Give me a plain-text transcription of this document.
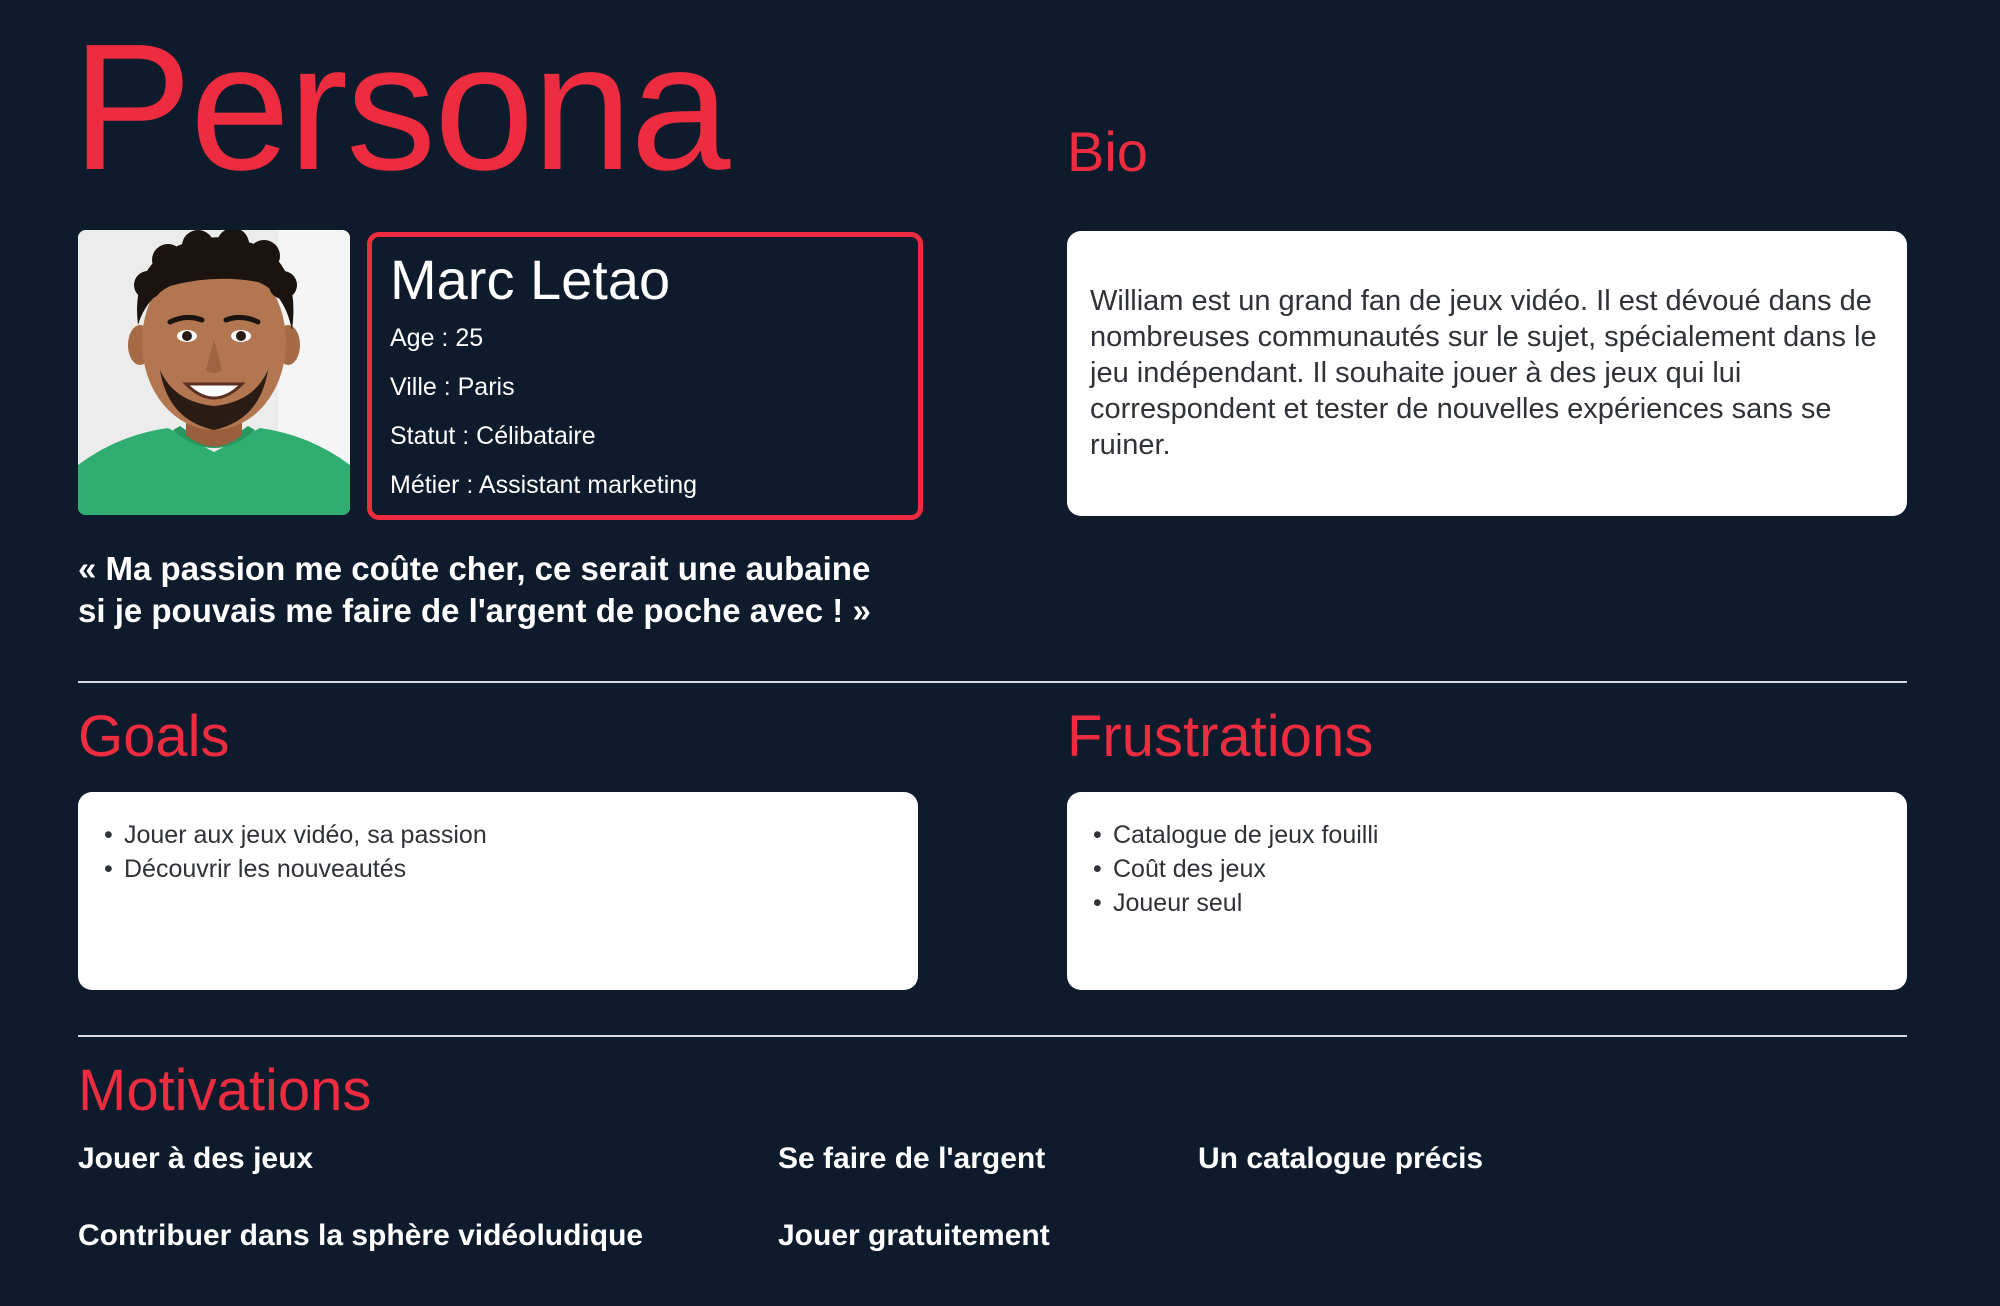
Persona	Bio
Marc Letao
Age : 25
Ville : Paris
Statut : Célibataire
Métier : Assistant marketing
« Ma passion me coûte cher, ce serait une aubaine
si je pouvais me faire de l'argent de poche avec ! »

William est un grand fan de jeux vidéo. Il est dévoué dans de nombreuses communautés sur le sujet, spécialement dans le jeu indépendant. Il souhaite jouer à des jeux qui lui correspondent et tester de nouvelles expériences sans se ruiner.

Goals	Frustrations
• Jouer aux jeux vidéo, sa passion
• Découvrir les nouveautés
• Catalogue de jeux fouilli
• Coût des jeux
• Joueur seul
Motivations
Jouer à des jeux	Se faire de l'argent	Un catalogue précis
Contribuer dans la sphère vidéoludique	Jouer gratuitement
